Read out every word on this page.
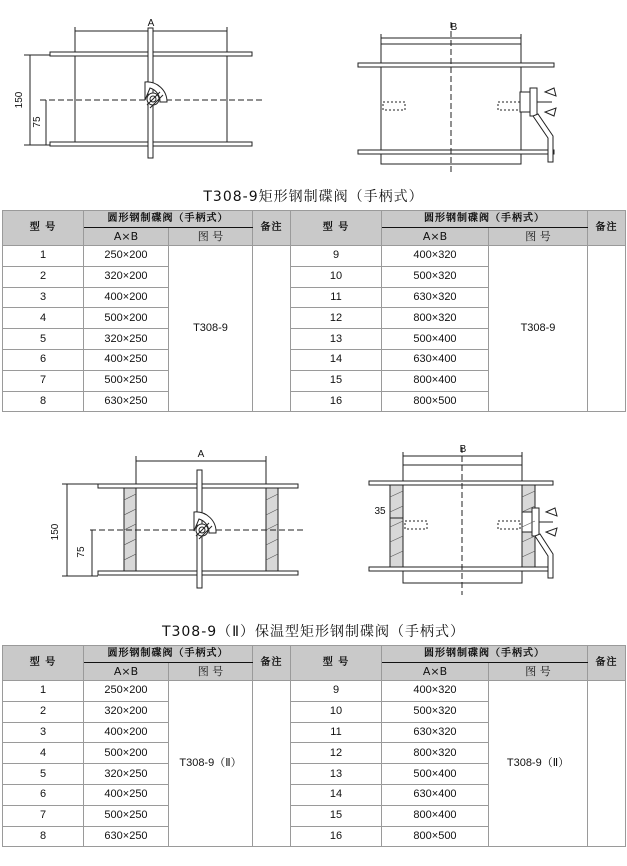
A
150
75
B
T308-9矩形钢制碟阀（手柄式）
型 号	圆形钢制碟阀（手柄式）		备注	型 号	圆形钢制碟阀（手柄式）		备注
	A×B	图 号			A×B	图 号	
1	250×200	T308-9		9	400×320	T308-9	
2	320×200			10	500×320		
3	400×200			11	630×320		
4	500×200			12	800×320		
5	320×250			13	500×400		
6	400×250			14	630×400		
7	500×250			15	800×400		
8	630×250			16	800×500		
A
150
75
B
35
T308-9（Ⅱ）保温型矩形钢制碟阀（手柄式）
型 号	圆形钢制碟阀（手柄式）		备注	型 号	圆形钢制碟阀（手柄式）		备注
	A×B	图 号			A×B	图 号	
1	250×200	T308-9（Ⅱ）		9	400×320	T308-9（Ⅱ）	
2	320×200			10	500×320		
3	400×200			11	630×320		
4	500×200			12	800×320		
5	320×250			13	500×400		
6	400×250			14	630×400		
7	500×250			15	800×400		
8	630×250			16	800×500		
